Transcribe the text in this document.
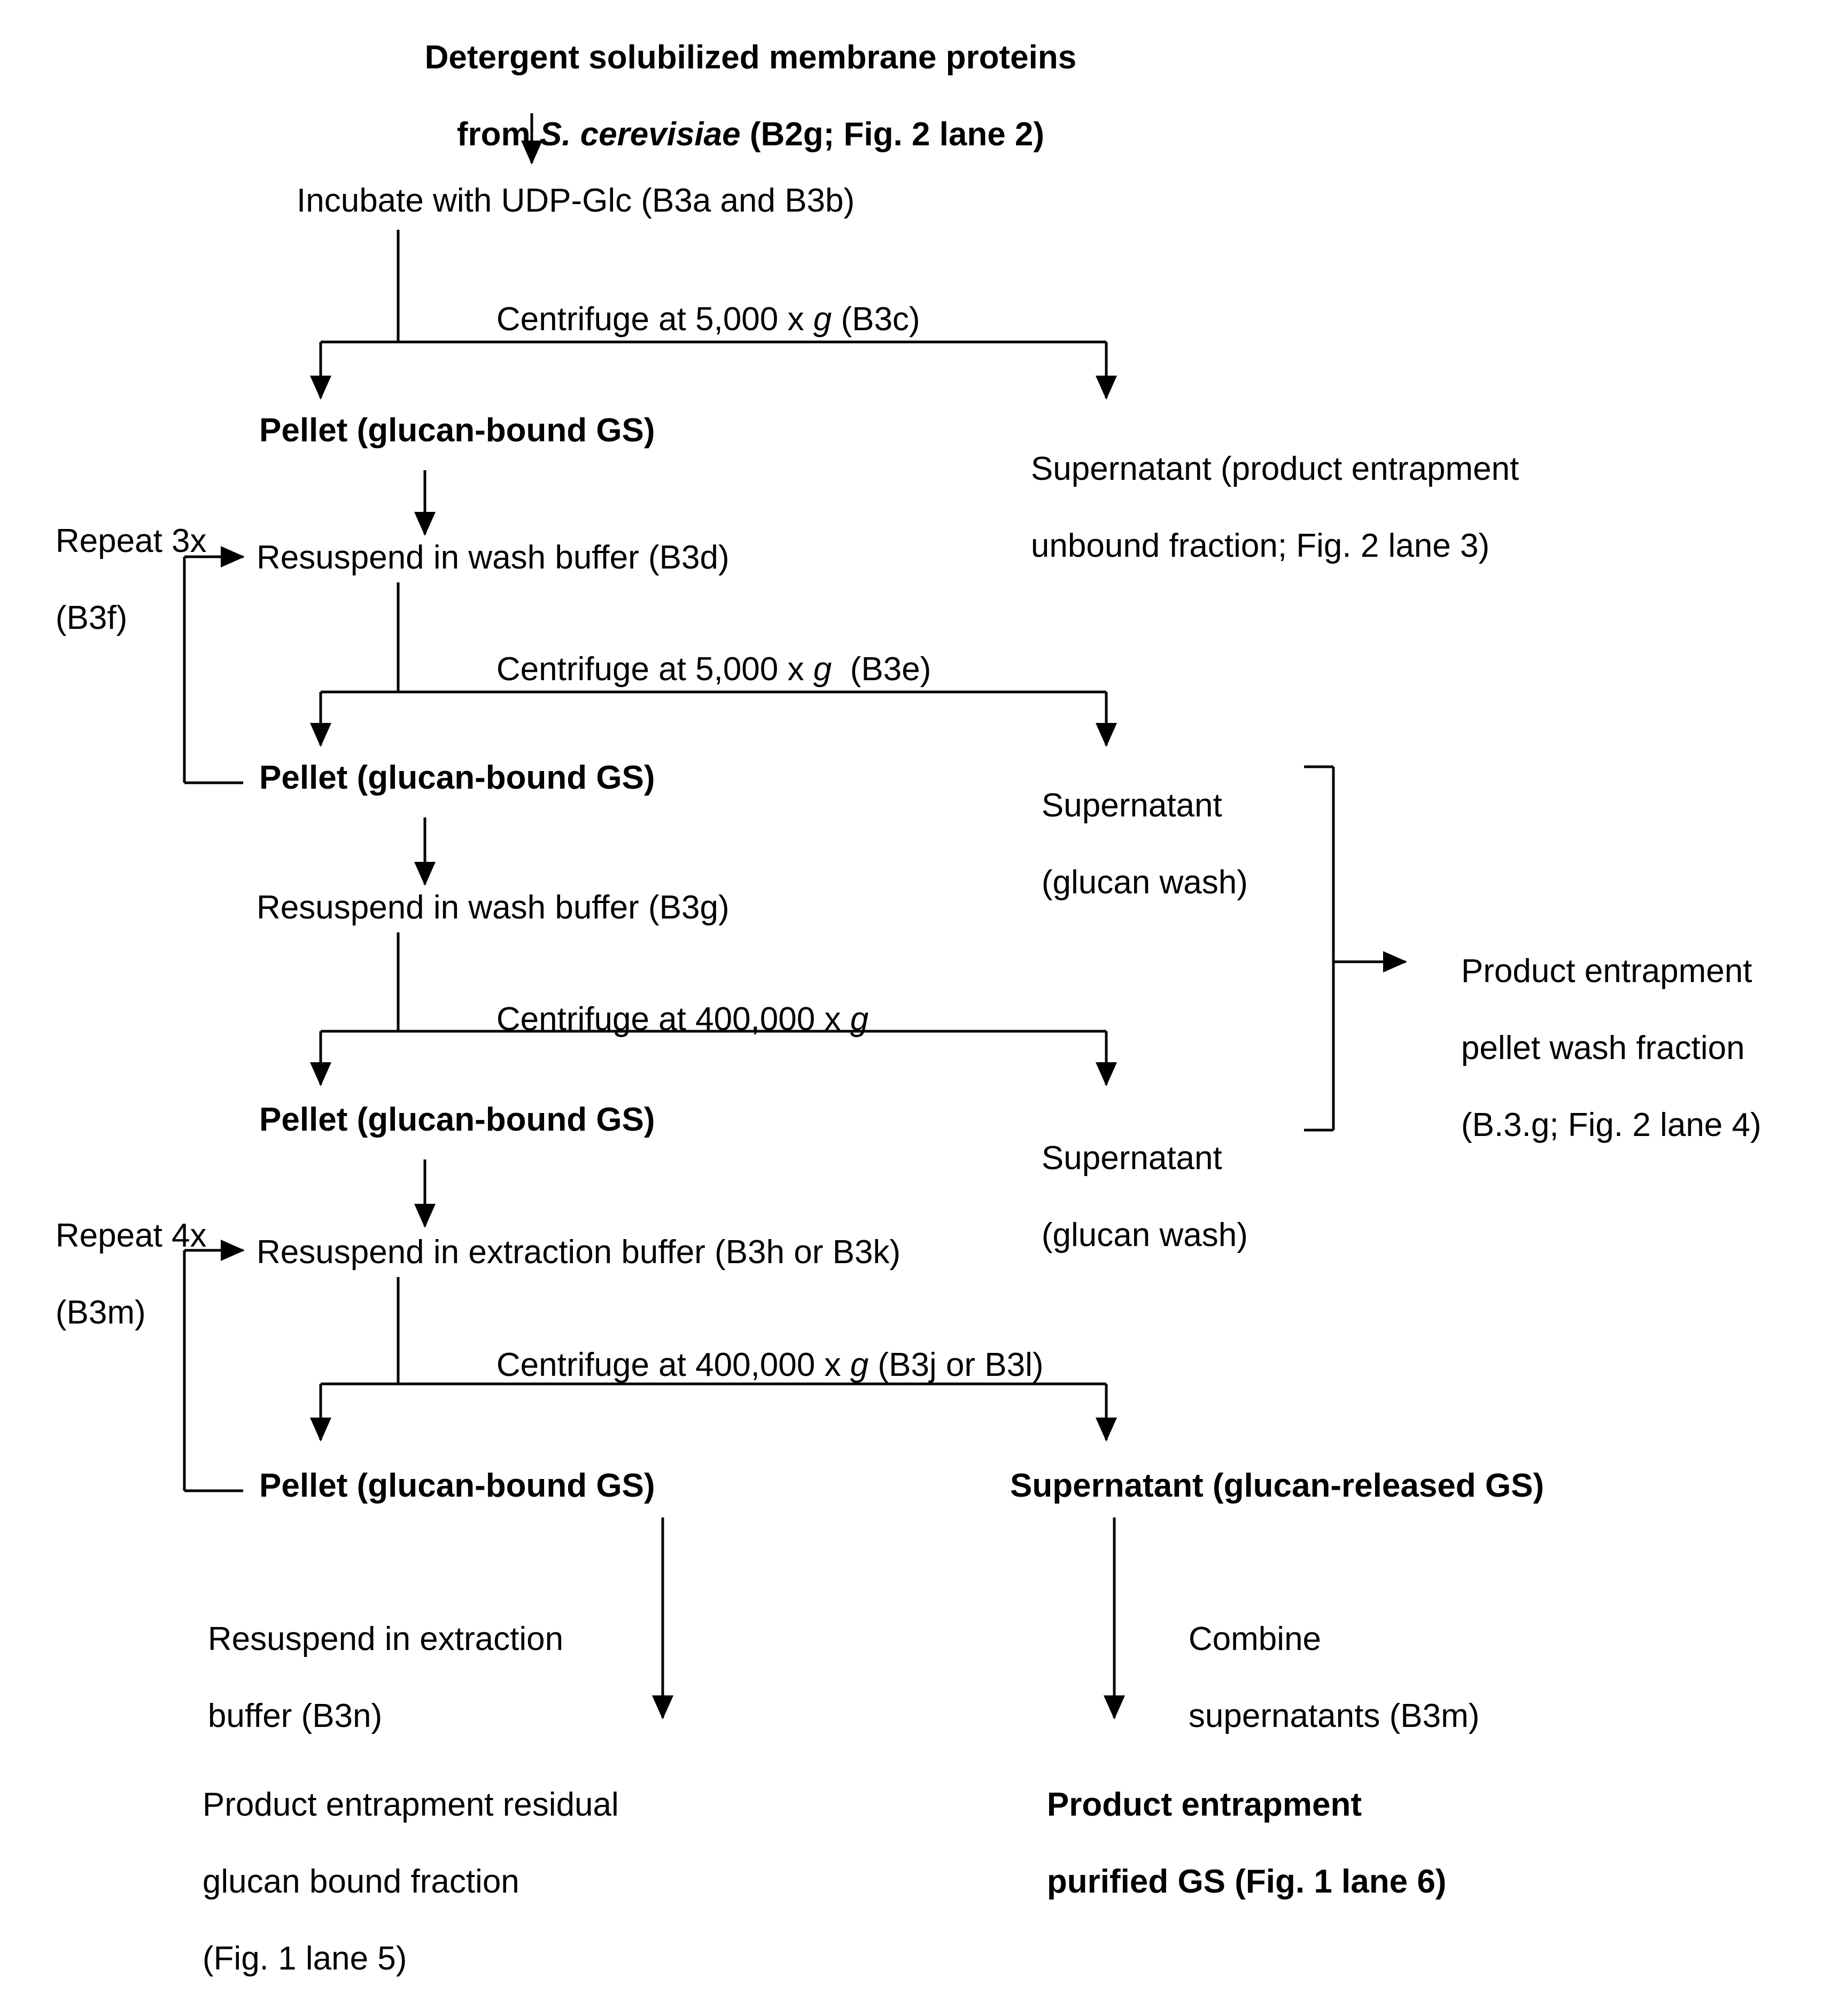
Detergent solubilized membrane proteins

from S. cerevisiae (B2g; Fig. 2 lane 2)

Incubate with UDP-Glc (B3a and B3b)

Centrifuge at 5,000 x g (B3c)

Pellet (glucan-bound GS)

Supernatant (product entrapment

unbound fraction; Fig. 2 lane 3)

Repeat 3x

(B3f)

Resuspend in wash buffer (B3d)

Centrifuge at 5,000 x g  (B3e)

Pellet (glucan-bound GS)

Supernatant

(glucan wash)

Resuspend in wash buffer (B3g)

Centrifuge at 400,000 x g

Pellet (glucan-bound GS)

Supernatant

(glucan wash)

Product entrapment

pellet wash fraction

(B.3.g; Fig. 2 lane 4)

Repeat 4x

(B3m)

Resuspend in extraction buffer (B3h or B3k)

Centrifuge at 400,000 x g (B3j or B3l)

Pellet (glucan-bound GS)	Supernatant (glucan-released GS)

Resuspend in extraction

buffer (B3n)

Combine

supernatants (B3m)

Product entrapment residual

glucan bound fraction

(Fig. 1 lane 5)

Product entrapment

purified GS (Fig. 1 lane 6)
